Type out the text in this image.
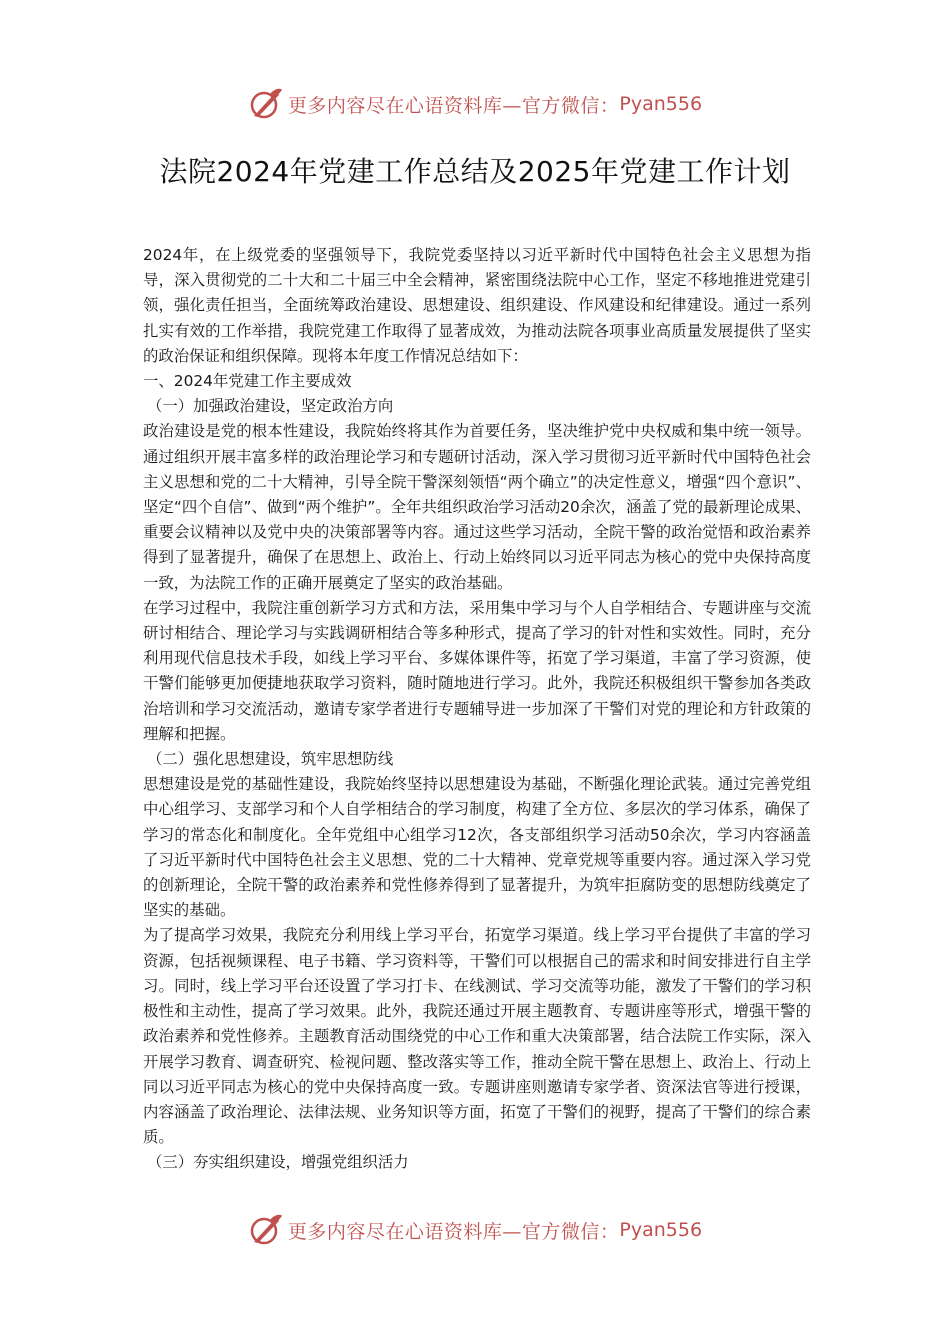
更多内容尽在心语资料库—官方微信： Pyan556
法院2024年党建工作总结及2025年党建工作计划

2024年，在上级党委的坚强领导下，我院党委坚持以习近平新时代中国特色社会主义思想为指导，深入贯彻党的二十大和二十届三中全会精神，紧密围绕法院中心工作，坚定不移地推进党建引领，强化责任担当，全面统筹政治建设、思想建设、组织建设、作风建设和纪律建设。通过一系列扎实有效的工作举措，我院党建工作取得了显著成效，为推动法院各项事业高质量发展提供了坚实的政治保证和组织保障。现将本年度工作情况总结如下：

一、2024年党建工作主要成效
（一）加强政治建设，坚定政治方向

政治建设是党的根本性建设，我院始终将其作为首要任务，坚决维护党中央权威和集中统一领导。通过组织开展丰富多样的政治理论学习和专题研讨活动，深入学习贯彻习近平新时代中国特色社会主义思想和党的二十大精神，引导全院干警深刻领悟“两个确立”的决定性意义，增强“四个意识”、坚定“四个自信”、做到“两个维护”。全年共组织政治学习活动20余次，涵盖了党的最新理论成果、重要会议精神以及党中央的决策部署等内容。通过这些学习活动，全院干警的政治觉悟和政治素养得到了显著提升，确保了在思想上、政治上、行动上始终同以习近平同志为核心的党中央保持高度一致，为法院工作的正确开展奠定了坚实的政治基础。

在学习过程中，我院注重创新学习方式和方法，采用集中学习与个人自学相结合、专题讲座与交流研讨相结合、理论学习与实践调研相结合等多种形式，提高了学习的针对性和实效性。同时，充分利用现代信息技术手段，如线上学习平台、多媒体课件等，拓宽了学习渠道，丰富了学习资源，使干警们能够更加便捷地获取学习资料，随时随地进行学习。此外，我院还积极组织干警参加各类政治培训和学习交流活动，邀请专家学者进行专题辅导进一步加深了干警们对党的理论和方针政策的理解和把握。

（二）强化思想建设，筑牢思想防线

思想建设是党的基础性建设，我院始终坚持以思想建设为基础，不断强化理论武装。通过完善党组中心组学习、支部学习和个人自学相结合的学习制度，构建了全方位、多层次的学习体系，确保了学习的常态化和制度化。全年党组中心组学习12次，各支部组织学习活动50余次，学习内容涵盖了习近平新时代中国特色社会主义思想、党的二十大精神、党章党规等重要内容。通过深入学习党的创新理论，全院干警的政治素养和党性修养得到了显著提升，为筑牢拒腐防变的思想防线奠定了坚实的基础。

为了提高学习效果，我院充分利用线上学习平台，拓宽学习渠道。线上学习平台提供了丰富的学习资源，包括视频课程、电子书籍、学习资料等，干警们可以根据自己的需求和时间安排进行自主学习。同时，线上学习平台还设置了学习打卡、在线测试、学习交流等功能，激发了干警们的学习积极性和主动性，提高了学习效果。此外，我院还通过开展主题教育、专题讲座等形式，增强干警的政治素养和党性修养。主题教育活动围绕党的中心工作和重大决策部署，结合法院工作实际，深入开展学习教育、调查研究、检视问题、整改落实等工作，推动全院干警在思想上、政治上、行动上同以习近平同志为核心的党中央保持高度一致。专题讲座则邀请专家学者、资深法官等进行授课，内容涵盖了政治理论、法律法规、业务知识等方面，拓宽了干警们的视野，提高了干警们的综合素质。

（三）夯实组织建设，增强党组织活力
更多内容尽在心语资料库—官方微信： Pyan556
